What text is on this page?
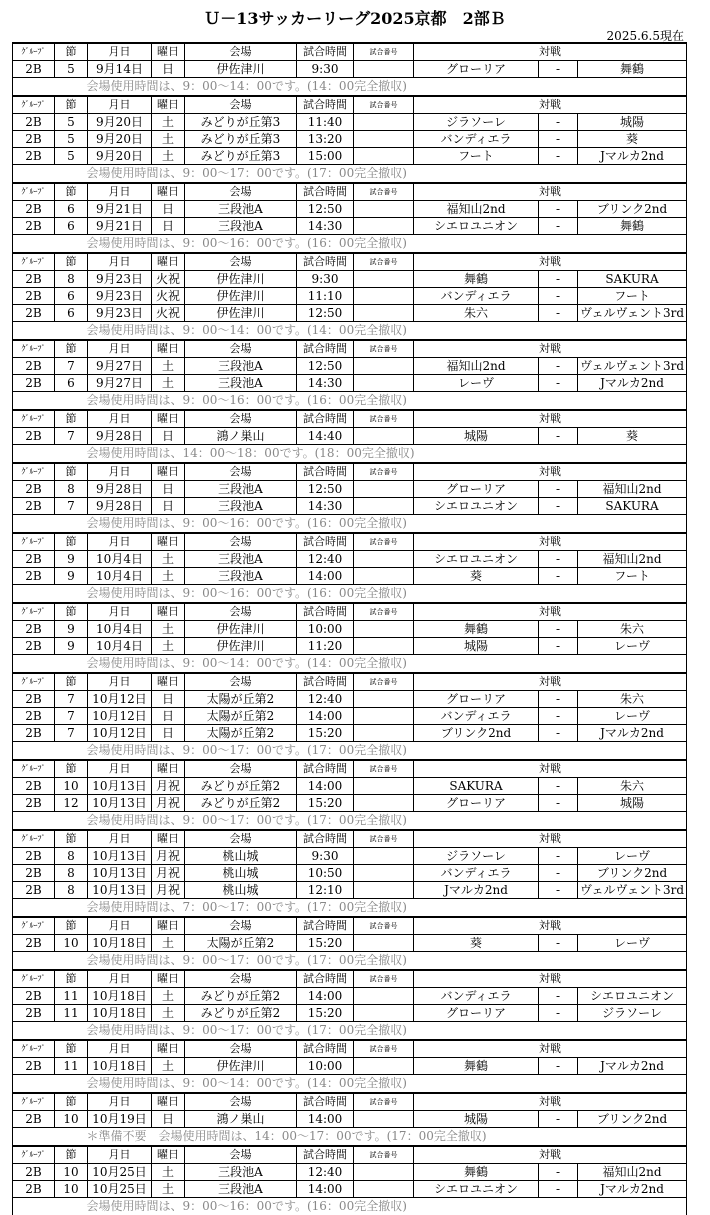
Ｕ－13サッカーリーグ2025京都　2部Ｂ
2025.6.5現在
ｸﾞﾙｰﾌﾟ	節	月日	曜日	会場	試合時間	試合番号	対戦		
2B	5	9月14日	日	伊佐津川	9:30		グローリア	-	舞鶴
	会場使用時間は、9：00～14：00です。(14：00完全撤収)								
ｸﾞﾙｰﾌﾟ	節	月日	曜日	会場	試合時間	試合番号	対戦		
2B	5	9月20日	土	みどりが丘第3	11:40		ジラソーレ	-	城陽
2B	5	9月20日	土	みどりが丘第3	13:20		バンディエラ	-	葵
2B	5	9月20日	土	みどりが丘第3	15:00		フート	-	Jマルカ2nd
	会場使用時間は、9：00～17：00です。(17：00完全撤収)								
ｸﾞﾙｰﾌﾟ	節	月日	曜日	会場	試合時間	試合番号	対戦		
2B	6	9月21日	日	三段池A	12:50		福知山2nd	-	ブリンク2nd
2B	6	9月21日	日	三段池A	14:30		シエロユニオン	-	舞鶴
	会場使用時間は、9：00～16：00です。(16：00完全撤収)								
ｸﾞﾙｰﾌﾟ	節	月日	曜日	会場	試合時間	試合番号	対戦		
2B	8	9月23日	火祝	伊佐津川	9:30		舞鶴	-	SAKURA
2B	6	9月23日	火祝	伊佐津川	11:10		バンディエラ	-	フート
2B	6	9月23日	火祝	伊佐津川	12:50		朱六	-	ヴェルヴェント3rd
	会場使用時間は、9：00～14：00です。(14：00完全撤収)								
ｸﾞﾙｰﾌﾟ	節	月日	曜日	会場	試合時間	試合番号	対戦		
2B	7	9月27日	土	三段池A	12:50		福知山2nd	-	ヴェルヴェント3rd
2B	6	9月27日	土	三段池A	14:30		レーヴ	-	Jマルカ2nd
	会場使用時間は、9：00～16：00です。(16：00完全撤収)								
ｸﾞﾙｰﾌﾟ	節	月日	曜日	会場	試合時間	試合番号	対戦		
2B	7	9月28日	日	鴻ノ巣山	14:40		城陽	-	葵
	会場使用時間は、14：00～18：00です。(18：00完全撤収)								
ｸﾞﾙｰﾌﾟ	節	月日	曜日	会場	試合時間	試合番号	対戦		
2B	8	9月28日	日	三段池A	12:50		グローリア	-	福知山2nd
2B	7	9月28日	日	三段池A	14:30		シエロユニオン	-	SAKURA
	会場使用時間は、9：00～16：00です。(16：00完全撤収)								
ｸﾞﾙｰﾌﾟ	節	月日	曜日	会場	試合時間	試合番号	対戦		
2B	9	10月4日	土	三段池A	12:40		シエロユニオン	-	福知山2nd
2B	9	10月4日	土	三段池A	14:00		葵	-	フート
	会場使用時間は、9：00～16：00です。(16：00完全撤収)								
ｸﾞﾙｰﾌﾟ	節	月日	曜日	会場	試合時間	試合番号	対戦		
2B	9	10月4日	土	伊佐津川	10:00		舞鶴	-	朱六
2B	9	10月4日	土	伊佐津川	11:20		城陽	-	レーヴ
	会場使用時間は、9：00～14：00です。(14：00完全撤収)								
ｸﾞﾙｰﾌﾟ	節	月日	曜日	会場	試合時間	試合番号	対戦		
2B	7	10月12日	日	太陽が丘第2	12:40		グローリア	-	朱六
2B	7	10月12日	日	太陽が丘第2	14:00		バンディエラ	-	レーヴ
2B	7	10月12日	日	太陽が丘第2	15:20		ブリンク2nd	-	Jマルカ2nd
	会場使用時間は、9：00～17：00です。(17：00完全撤収)								
ｸﾞﾙｰﾌﾟ	節	月日	曜日	会場	試合時間	試合番号	対戦		
2B	10	10月13日	月祝	みどりが丘第2	14:00		SAKURA	-	朱六
2B	12	10月13日	月祝	みどりが丘第2	15:20		グローリア	-	城陽
	会場使用時間は、9：00～17：00です。(17：00完全撤収)								
ｸﾞﾙｰﾌﾟ	節	月日	曜日	会場	試合時間	試合番号	対戦		
2B	8	10月13日	月祝	桃山城	9:30		ジラソーレ	-	レーヴ
2B	8	10月13日	月祝	桃山城	10:50		バンディエラ	-	ブリンク2nd
2B	8	10月13日	月祝	桃山城	12:10		Jマルカ2nd	-	ヴェルヴェント3rd
	会場使用時間は、7：00～17：00です。(17：00完全撤収)								
ｸﾞﾙｰﾌﾟ	節	月日	曜日	会場	試合時間	試合番号	対戦		
2B	10	10月18日	土	太陽が丘第2	15:20		葵	-	レーヴ
	会場使用時間は、9：00～17：00です。(17：00完全撤収)								
ｸﾞﾙｰﾌﾟ	節	月日	曜日	会場	試合時間	試合番号	対戦		
2B	11	10月18日	土	みどりが丘第2	14:00		バンディエラ	-	シエロユニオン
2B	11	10月18日	土	みどりが丘第2	15:20		グローリア	-	ジラソーレ
	会場使用時間は、9：00～17：00です。(17：00完全撤収)								
ｸﾞﾙｰﾌﾟ	節	月日	曜日	会場	試合時間	試合番号	対戦		
2B	11	10月18日	土	伊佐津川	10:00		舞鶴	-	Jマルカ2nd
	会場使用時間は、9：00～14：00です。(14：00完全撤収)								
ｸﾞﾙｰﾌﾟ	節	月日	曜日	会場	試合時間	試合番号	対戦		
2B	10	10月19日	日	鴻ノ巣山	14:00		城陽	-	ブリンク2nd
	＊準備不要　会場使用時間は、14：00～17：00です。(17：00完全撤収)								
ｸﾞﾙｰﾌﾟ	節	月日	曜日	会場	試合時間	試合番号	対戦		
2B	10	10月25日	土	三段池A	12:40		舞鶴	-	福知山2nd
2B	10	10月25日	土	三段池A	14:00		シエロユニオン	-	Jマルカ2nd
	会場使用時間は、9：00～16：00です。(16：00完全撤収)								
